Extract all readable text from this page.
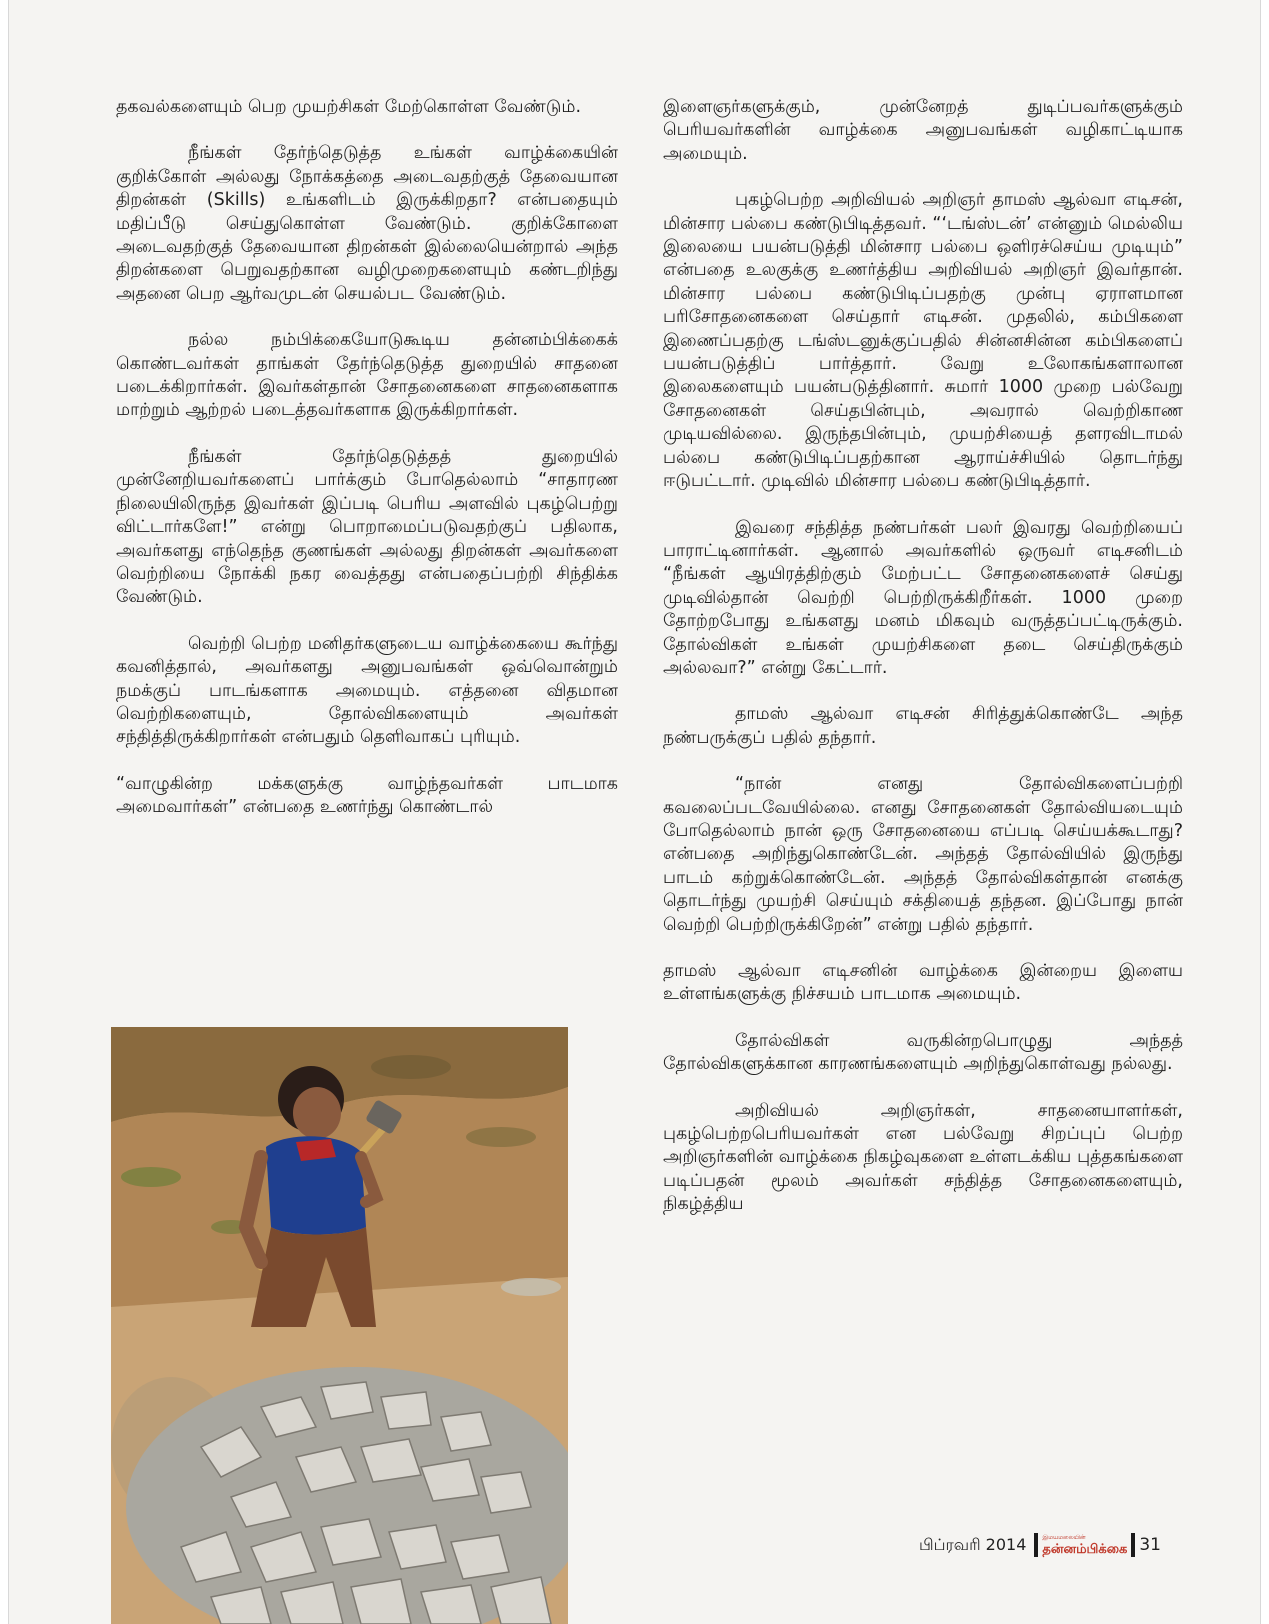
தகவல்களையும் பெற முயற்சிகள் மேற்கொள்ள வேண்டும்.

நீங்கள் தேர்ந்தெடுத்த உங்கள் வாழ்க்கையின் குறிக்கோள் அல்லது நோக்கத்தை அடைவதற்குத் தேவையான திறன்கள் (Skills) உங்களிடம் இருக்கிறதா? என்பதையும் மதிப்பீடு செய்துகொள்ள வேண்டும். குறிக்கோளை அடைவதற்குத் தேவையான திறன்கள் இல்லையென்றால் அந்த திறன்களை பெறுவதற்கான வழிமுறைகளையும் கண்டறிந்து அதனை பெற ஆர்வமுடன் செயல்பட வேண்டும்.

நல்ல நம்பிக்கையோடுகூடிய தன்னம்பிக்கைக் கொண்டவர்கள் தாங்கள் தேர்ந்தெடுத்த துறையில் சாதனை படைக்கிறார்கள். இவர்கள்தான் சோதனைகளை சாதனைகளாக மாற்றும் ஆற்றல் படைத்தவர்களாக இருக்கிறார்கள்.

நீங்கள் தேர்ந்தெடுத்தத் துறையில் முன்னேறியவர்களைப் பார்க்கும் போதெல்லாம் “சாதாரண நிலையிலிருந்த இவர்கள் இப்படி பெரிய அளவில் புகழ்பெற்று விட்டார்களே!” என்று பொறாமைப்படுவதற்குப் பதிலாக, அவர்களது எந்தெந்த குணங்கள் அல்லது திறன்கள் அவர்களை வெற்றியை நோக்கி நகர வைத்தது என்பதைப்பற்றி சிந்திக்க வேண்டும்.

வெற்றி பெற்ற மனிதர்களுடைய வாழ்க்கையை கூர்ந்து கவனித்தால், அவர்களது அனுபவங்கள் ஒவ்வொன்றும் நமக்குப் பாடங்களாக அமையும். எத்தனை விதமான வெற்றிகளையும், தோல்விகளையும் அவர்கள் சந்தித்திருக்கிறார்கள் என்பதும் தெளிவாகப் புரியும்.

“வாழுகின்ற மக்களுக்கு வாழ்ந்தவர்கள் பாடமாக அமைவார்கள்” என்பதை உணர்ந்து கொண்டால்

இளைஞர்களுக்கும், முன்னேறத் துடிப்பவர்களுக்கும் பெரியவர்களின் வாழ்க்கை அனுபவங்கள் வழிகாட்டியாக அமையும்.

புகழ்பெற்ற அறிவியல் அறிஞர் தாமஸ் ஆல்வா எடிசன், மின்சார பல்பை கண்டுபிடித்தவர். “‘டங்ஸ்டன்’ என்னும் மெல்லிய இலையை பயன்படுத்தி மின்சார பல்பை ஒளிரச்செய்ய முடியும்” என்பதை உலகுக்கு உணர்த்திய அறிவியல் அறிஞர் இவர்தான். மின்சார பல்பை கண்டுபிடிப்பதற்கு முன்பு ஏராளமான பரிசோதனைகளை செய்தார் எடிசன். முதலில், கம்பிகளை இணைப்பதற்கு டங்ஸ்டனுக்குப்பதில் சின்னசின்ன கம்பிகளைப் பயன்படுத்திப் பார்த்தார். வேறு உலோகங்களாலான இலைகளையும் பயன்படுத்தினார். சுமார் 1000 முறை பல்வேறு சோதனைகள் செய்தபின்பும், அவரால் வெற்றிகாண முடியவில்லை. இருந்தபின்பும், முயற்சியைத் தளரவிடாமல் பல்பை கண்டுபிடிப்பதற்கான ஆராய்ச்சியில் தொடர்ந்து ஈடுபட்டார். முடிவில் மின்சார பல்பை கண்டுபிடித்தார்.

இவரை சந்தித்த நண்பர்கள் பலர் இவரது வெற்றியைப் பாராட்டினார்கள். ஆனால் அவர்களில் ஒருவர் எடிசனிடம் “நீங்கள் ஆயிரத்திற்கும் மேற்பட்ட சோதனைகளைச் செய்து முடிவில்தான் வெற்றி பெற்றிருக்கிறீர்கள். 1000 முறை தோற்றபோது உங்களது மனம் மிகவும் வருத்தப்பட்டிருக்கும். தோல்விகள் உங்கள் முயற்சிகளை தடை செய்திருக்கும் அல்லவா?” என்று கேட்டார்.

தாமஸ் ஆல்வா எடிசன் சிரித்துக்கொண்டே அந்த நண்பருக்குப் பதில் தந்தார்.

“நான் எனது தோல்விகளைப்பற்றி கவலைப்படவேயில்லை. எனது சோதனைகள் தோல்வியடையும் போதெல்லாம் நான் ஒரு சோதனையை எப்படி செய்யக்கூடாது? என்பதை அறிந்துகொண்டேன். அந்தத் தோல்வியில் இருந்து பாடம் கற்றுக்கொண்டேன். அந்தத் தோல்விகள்தான் எனக்கு தொடர்ந்து முயற்சி செய்யும் சக்தியைத் தந்தன. இப்போது நான் வெற்றி பெற்றிருக்கிறேன்” என்று பதில் தந்தார்.

தாமஸ் ஆல்வா எடிசனின் வாழ்க்கை இன்றைய இளைய உள்ளங்களுக்கு நிச்சயம் பாடமாக அமையும்.

தோல்விகள் வருகின்றபொழுது அந்தத் தோல்விகளுக்கான காரணங்களையும் அறிந்துகொள்வது நல்லது.

அறிவியல் அறிஞர்கள், சாதனையாளர்கள், புகழ்பெற்றபெரியவர்கள் என பல்வேறு சிறப்புப் பெற்ற அறிஞர்களின் வாழ்க்கை நிகழ்வுகளை உள்ளடக்கிய புத்தகங்களை படிப்பதன் மூலம் அவர்கள் சந்தித்த சோதனைகளையும், நிகழ்த்திய

பிப்ரவரி 2014	இமயமலையின்
தன்னம்பிக்கை 31
